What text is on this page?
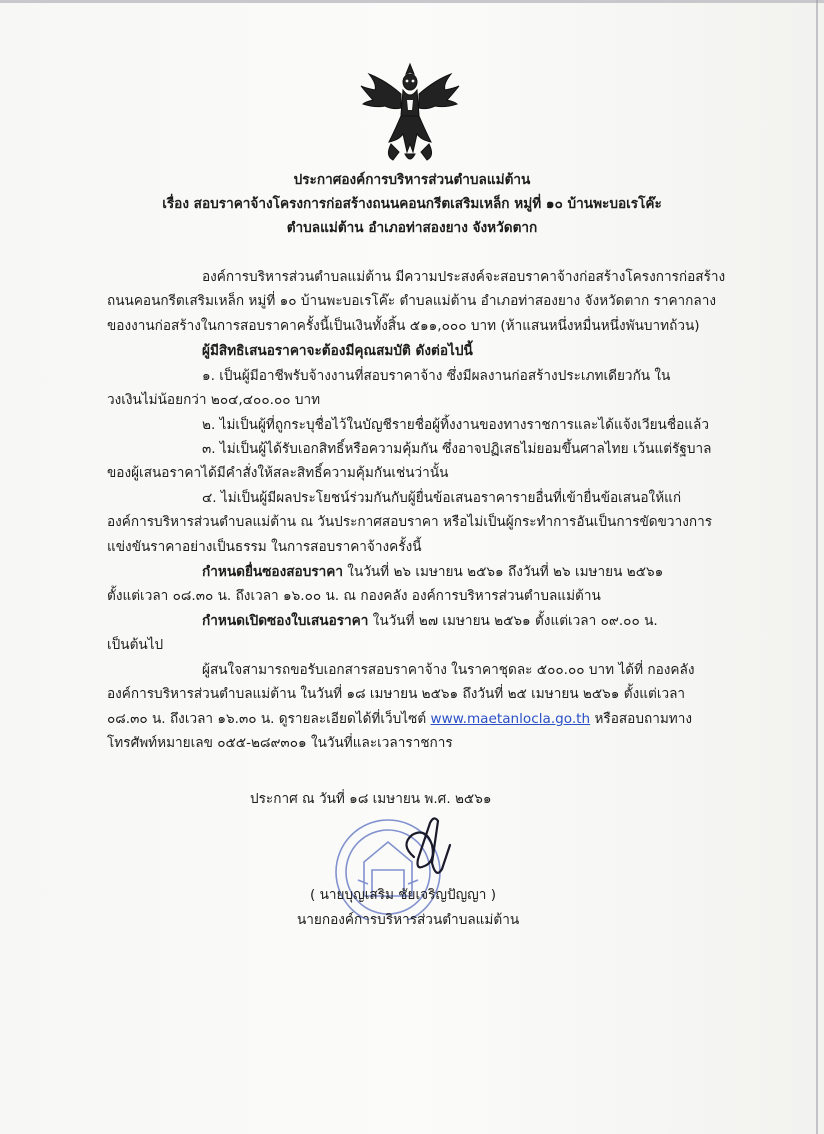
ประกาศองค์การบริหารส่วนตำบลแม่ต้าน
เรื่อง สอบราคาจ้างโครงการก่อสร้างถนนคอนกรีตเสริมเหล็ก หมู่ที่ ๑๐ บ้านพะบอเรโค๊ะ
ตำบลแม่ต้าน อำเภอท่าสองยาง จังหวัดตาก
องค์การบริหารส่วนตำบลแม่ต้าน มีความประสงค์จะสอบราคาจ้างก่อสร้างโครงการก่อสร้าง
ถนนคอนกรีตเสริมเหล็ก หมู่ที่ ๑๐ บ้านพะบอเรโค๊ะ ตำบลแม่ต้าน อำเภอท่าสองยาง จังหวัดตาก ราคากลาง
ของงานก่อสร้างในการสอบราคาครั้งนี้เป็นเงินทั้งสิ้น ๕๑๑,๐๐๐ บาท (ห้าแสนหนึ่งหมื่นหนึ่งพันบาทถ้วน)
ผู้มีสิทธิเสนอราคาจะต้องมีคุณสมบัติ ดังต่อไปนี้
๑. เป็นผู้มีอาชีพรับจ้างงานที่สอบราคาจ้าง ซึ่งมีผลงานก่อสร้างประเภทเดียวกัน ใน
วงเงินไม่น้อยกว่า ๒๐๔,๔๐๐.๐๐ บาท
๒. ไม่เป็นผู้ที่ถูกระบุชื่อไว้ในบัญชีรายชื่อผู้ทิ้งงานของทางราชการและได้แจ้งเวียนชื่อแล้ว
๓. ไม่เป็นผู้ได้รับเอกสิทธิ์หรือความคุ้มกัน ซึ่งอาจปฏิเสธไม่ยอมขึ้นศาลไทย เว้นแต่รัฐบาล
ของผู้เสนอราคาได้มีคำสั่งให้สละสิทธิ์ความคุ้มกันเช่นว่านั้น
๔. ไม่เป็นผู้มีผลประโยชน์ร่วมกันกับผู้ยื่นข้อเสนอราคารายอื่นที่เข้ายื่นข้อเสนอให้แก่
องค์การบริหารส่วนตำบลแม่ต้าน ณ วันประกาศสอบราคา หรือไม่เป็นผู้กระทำการอันเป็นการขัดขวางการ
แข่งขันราคาอย่างเป็นธรรม ในการสอบราคาจ้างครั้งนี้
กำหนดยื่นซองสอบราคา ในวันที่ ๒๖ เมษายน ๒๕๖๑ ถึงวันที่ ๒๖ เมษายน ๒๕๖๑
ตั้งแต่เวลา ๐๘.๓๐ น. ถึงเวลา ๑๖.๐๐ น. ณ กองคลัง องค์การบริหารส่วนตำบลแม่ต้าน
กำหนดเปิดซองใบเสนอราคา ในวันที่ ๒๗ เมษายน ๒๕๖๑ ตั้งแต่เวลา ๐๙.๐๐ น.
เป็นต้นไป
ผู้สนใจสามารถขอรับเอกสารสอบราคาจ้าง ในราคาชุดละ ๕๐๐.๐๐ บาท ได้ที่ กองคลัง
องค์การบริหารส่วนตำบลแม่ต้าน ในวันที่ ๑๘ เมษายน ๒๕๖๑ ถึงวันที่ ๒๕ เมษายน ๒๕๖๑ ตั้งแต่เวลา
๐๘.๓๐ น. ถึงเวลา ๑๖.๓๐ น. ดูรายละเอียดได้ที่เว็บไซต์ www.maetanlocla.go.th หรือสอบถามทาง
โทรศัพท์หมายเลข ๐๕๕-๒๘๙๓๐๑ ในวันที่และเวลาราชการ
ประกาศ ณ วันที่ ๑๘ เมษายน พ.ศ. ๒๕๖๑
( นายบุญเสริม ชัยเจริญปัญญา )
นายกองค์การบริหารส่วนตำบลแม่ต้าน
